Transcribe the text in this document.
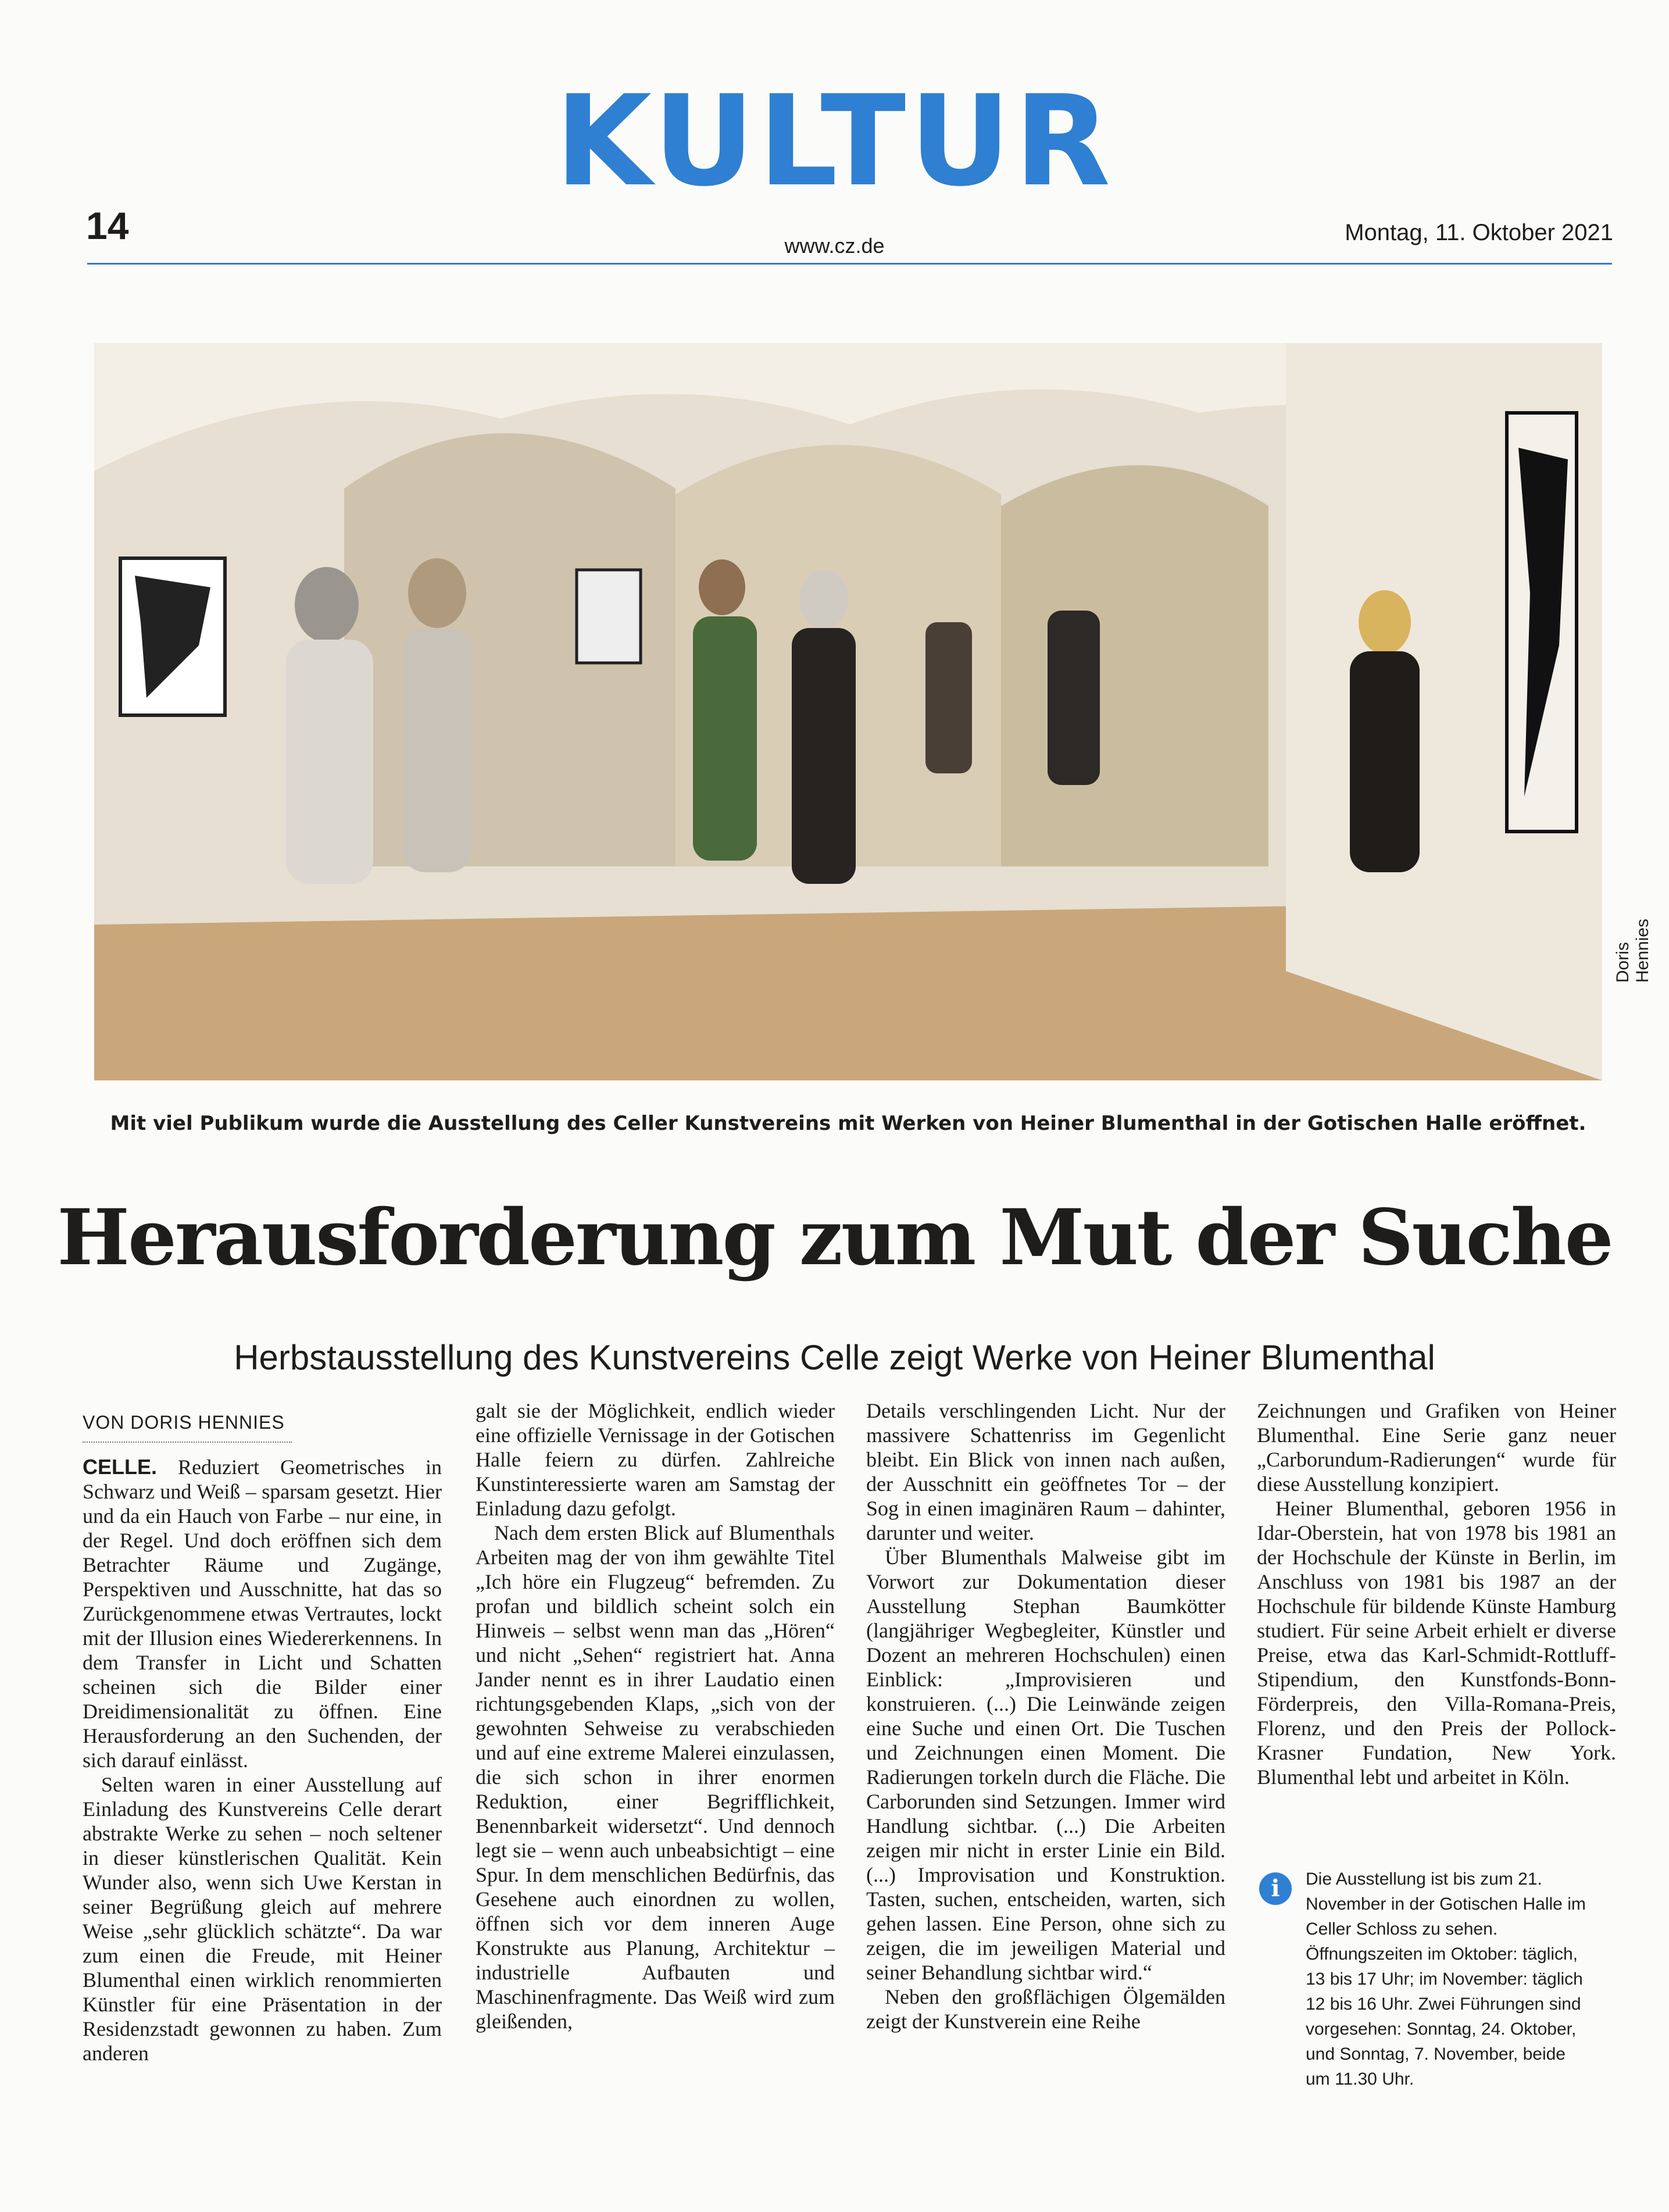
KULTUR
14	www.cz.de
Montag, 11. Oktober 2021
Doris Hennies
Mit viel Publikum wurde die Ausstellung des Celler Kunstvereins mit Werken von Heiner Blumenthal in der Gotischen Halle eröffnet.
Herausforderung zum Mut der Suche
Herbstausstellung des Kunstvereins Celle zeigt Werke von Heiner Blumenthal
VON DORIS HENNIES

CELLE. Reduziert Geometrisches in Schwarz und Weiß – sparsam gesetzt. Hier und da ein Hauch von Farbe – nur eine, in der Regel. Und doch eröffnen sich dem Betrachter Räume und Zugänge, Perspektiven und Ausschnitte, hat das so Zurückgenommene etwas Vertrautes, lockt mit der Illusion eines Wiedererkennens. In dem Transfer in Licht und Schatten scheinen sich die Bilder einer Dreidimensionalität zu öffnen. Eine Herausforderung an den Suchenden, der sich darauf einlässt.

Selten waren in einer Ausstellung auf Einladung des Kunstvereins Celle derart abstrakte Werke zu sehen – noch seltener in dieser künstlerischen Qualität. Kein Wunder also, wenn sich Uwe Kerstan in seiner Begrüßung gleich auf mehrere Weise „sehr glücklich schätzte“. Da war zum einen die Freude, mit Heiner Blumenthal einen wirklich renommierten Künstler für eine Präsentation in der Residenzstadt gewonnen zu haben. Zum anderen

galt sie der Möglichkeit, endlich wieder eine offizielle Vernissage in der Gotischen Halle feiern zu dürfen. Zahlreiche Kunstinteressierte waren am Samstag der Einladung dazu gefolgt.

Nach dem ersten Blick auf Blumenthals Arbeiten mag der von ihm gewählte Titel „Ich höre ein Flugzeug“ befremden. Zu profan und bildlich scheint solch ein Hinweis – selbst wenn man das „Hören“ und nicht „Sehen“ registriert hat. Anna Jander nennt es in ihrer Laudatio einen richtungsgebenden Klaps, „sich von der gewohnten Sehweise zu verabschieden und auf eine extreme Malerei einzulassen, die sich schon in ihrer enormen Reduktion, einer Begrifflichkeit, Benennbarkeit widersetzt“. Und dennoch legt sie – wenn auch unbeabsichtigt – eine Spur. In dem menschlichen Bedürfnis, das Gesehene auch einordnen zu wollen, öffnen sich vor dem inneren Auge Konstrukte aus Planung, Architektur – industrielle Aufbauten und Maschinenfragmente. Das Weiß wird zum gleißenden,

Details verschlingenden Licht. Nur der massivere Schattenriss im Gegenlicht bleibt. Ein Blick von innen nach außen, der Ausschnitt ein geöffnetes Tor – der Sog in einen imaginären Raum – dahinter, darunter und weiter.

Über Blumenthals Malweise gibt im Vorwort zur Dokumentation dieser Ausstellung Stephan Baumkötter (langjähriger Wegbegleiter, Künstler und Dozent an mehreren Hochschulen) einen Einblick: „Improvisieren und konstruieren. (...) Die Leinwände zeigen eine Suche und einen Ort. Die Tuschen und Zeichnungen einen Moment. Die Radierungen torkeln durch die Fläche. Die Carborunden sind Setzungen. Immer wird Handlung sichtbar. (...) Die Arbeiten zeigen mir nicht in erster Linie ein Bild. (...) Improvisation und Konstruktion. Tasten, suchen, entscheiden, warten, sich gehen lassen. Eine Person, ohne sich zu zeigen, die im jeweiligen Material und seiner Behandlung sichtbar wird.“

Neben den großflächigen Ölgemälden zeigt der Kunstverein eine Reihe

Zeichnungen und Grafiken von Heiner Blumenthal. Eine Serie ganz neuer „Carborundum-Radierungen“ wurde für diese Ausstellung konzipiert.

Heiner Blumenthal, geboren 1956 in Idar-Oberstein, hat von 1978 bis 1981 an der Hochschule der Künste in Berlin, im Anschluss von 1981 bis 1987 an der Hochschule für bildende Künste Hamburg studiert. Für seine Arbeit erhielt er diverse Preise, etwa das Karl-Schmidt-Rottluff-Stipendium, den Kunstfonds-Bonn-Förderpreis, den Villa-Romana-Preis, Florenz, und den Preis der Pollock-Krasner Fundation, New York. Blumenthal lebt und arbeitet in Köln.

i	Die Ausstellung ist bis zum 21. November in der Gotischen Halle im Celler Schloss zu sehen. Öffnungszeiten im Oktober: täglich, 13 bis 17 Uhr; im November: täglich 12 bis 16 Uhr. Zwei Führungen sind vorgesehen: Sonntag, 24. Oktober, und Sonntag, 7. November, beide um 11.30 Uhr.
